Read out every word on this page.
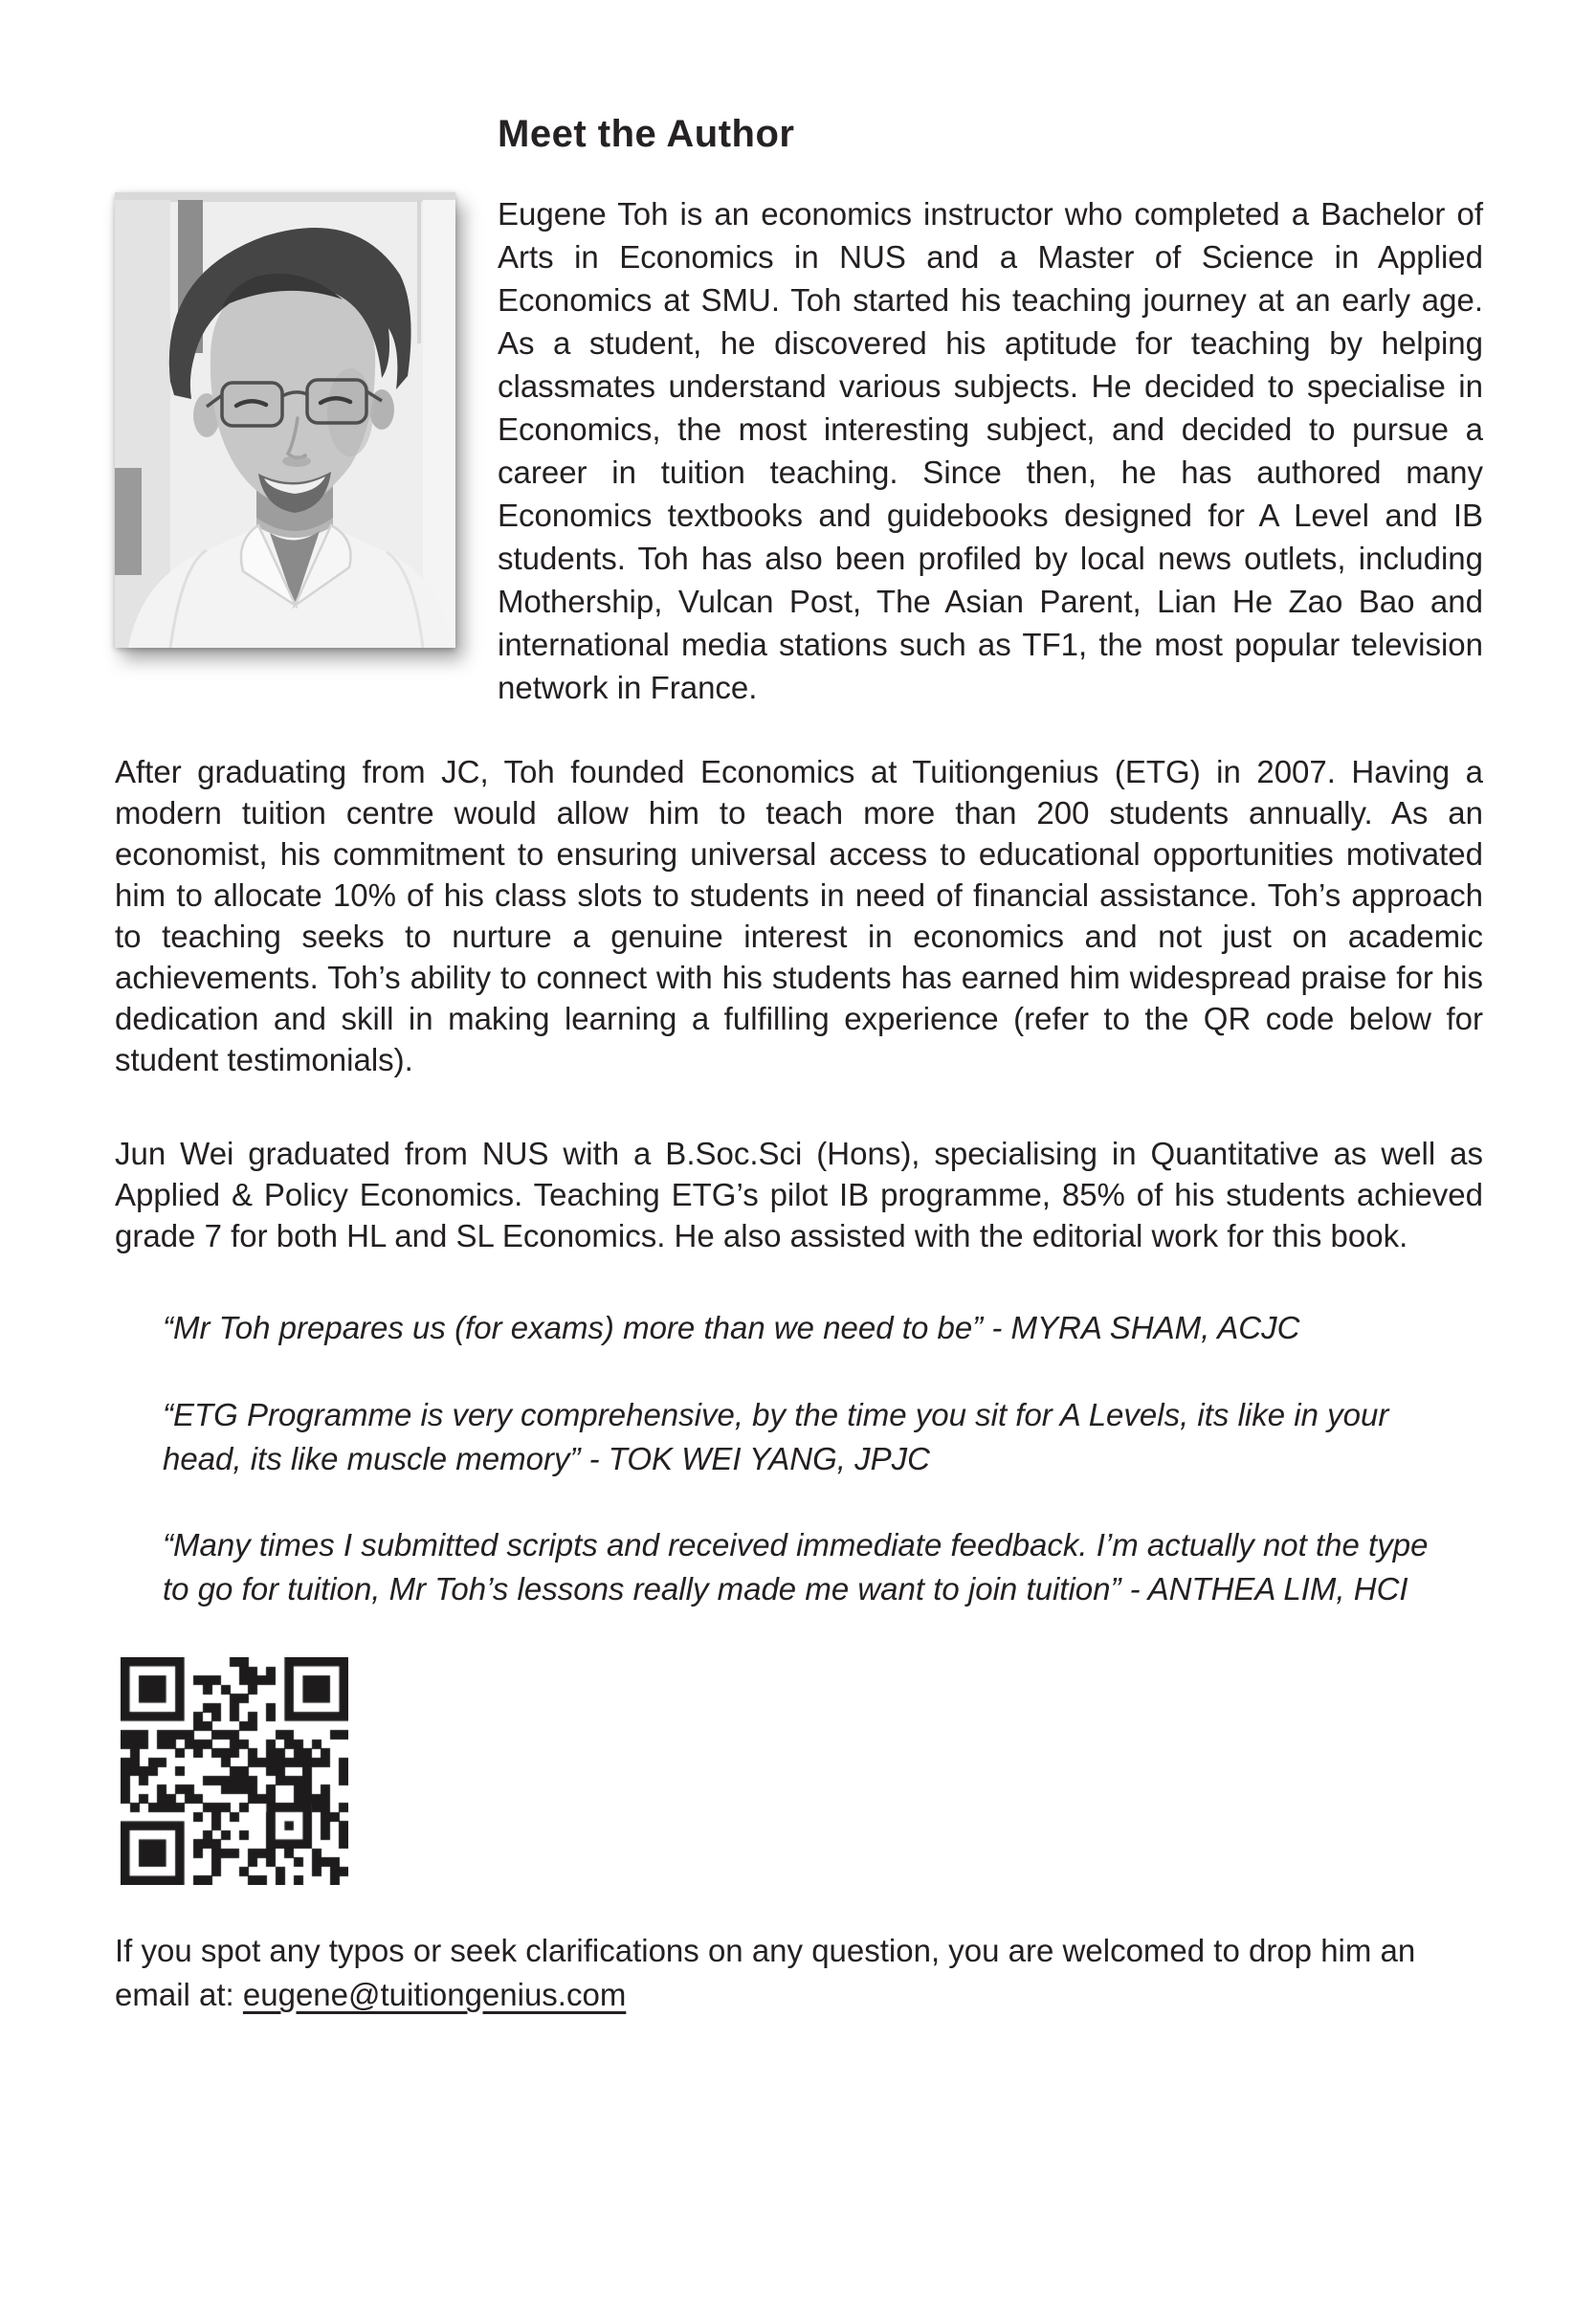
Meet the Author

Eugene Toh is an economics instructor who completed a Bachelor of Arts in Economics in NUS and a Master of Science in Applied Economics at SMU. Toh started his teaching journey at an early age. As a student, he discovered his aptitude for teaching by helping classmates understand various subjects. He decided to specialise in Economics, the most interesting subject, and decided to pursue a career in tuition teaching. Since then, he has authored many Economics textbooks and guidebooks designed for A Level and IB students. Toh has also been profiled by local news outlets, including Mothership, Vulcan Post, The Asian Parent, Lian He Zao Bao and international media stations such as TF1, the most popular television network in France.

After graduating from JC, Toh founded Economics at Tuitiongenius (ETG) in 2007. Having a modern tuition centre would allow him to teach more than 200 students annually. As an economist, his commitment to ensuring universal access to educational opportunities motivated him to allocate 10% of his class slots to students in need of financial assistance. Toh’s approach to teaching seeks to nurture a genuine interest in economics and not just on academic achievements. Toh’s ability to connect with his students has earned him widespread praise for his dedication and skill in making learning a fulfilling experience (refer to the QR code below for student testimonials).

Jun Wei graduated from NUS with a B.Soc.Sci (Hons), specialising in Quantitative as well as Applied & Policy Economics. Teaching ETG’s pilot IB programme, 85% of his students achieved grade 7 for both HL and SL Economics. He also assisted with the editorial work for this book.

“Mr Toh prepares us (for exams) more than we need to be” - MYRA SHAM, ACJC

“ETG Programme is very comprehensive, by the time you sit for A Levels, its like in your head, its like muscle memory” - TOK WEI YANG, JPJC

“Many times I submitted scripts and received immediate feedback. I’m actually not the type to go for tuition, Mr Toh’s lessons really made me want to join tuition” - ANTHEA LIM, HCI

If you spot any typos or seek clarifications on any question, you are welcomed to drop him an email at: eugene@tuitiongenius.com
